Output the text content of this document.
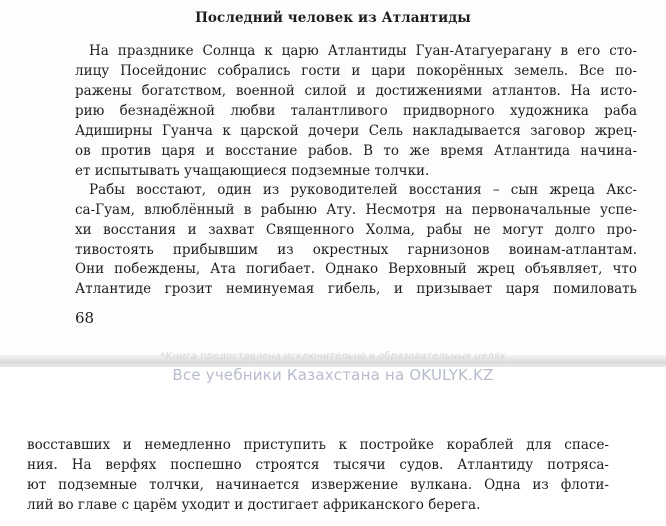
Последний человек из Атлантиды
На празднике Солнца к царю Атлантиды Гуан-Атагуерагану в его сто-
лицу Посейдонис собрались гости и цари покорённых земель. Все по-
ражены богатством, военной силой и достижениями атлантов. На исто-
рию безнадёжной любви талантливого придворного художника раба
Адиширны Гуанча к царской дочери Сель накладывается заговор жрец-
ов против царя и восстание рабов. В то же время Атлантида начина-
ет испытывать учащающиеся подземные толчки.
Рабы восстают, один из руководителей восстания – сын жреца Акс-
са-Гуам, влюблённый в рабыню Ату. Несмотря на первоначальные успе-
хи восстания и захват Священного Холма, рабы не могут долго про-
тивостоять прибывшим из окрестных гарнизонов воинам-атлантам.
Они побеждены, Ата погибает. Однако Верховный жрец объявляет, что
Атлантиде грозит неминуемая гибель, и призывает царя помиловать
68
*Книга предоставлена исключительно в образовательных целях
Все учебники Казахстана на OKULYK.KZ
восставших и немедленно приступить к постройке кораблей для спасе-
ния. На верфях поспешно строятся тысячи судов. Атлантиду потряса-
ют подземные толчки, начинается извержение вулкана. Одна из флоти-
лий во главе с царём уходит и достигает африканского берега.
